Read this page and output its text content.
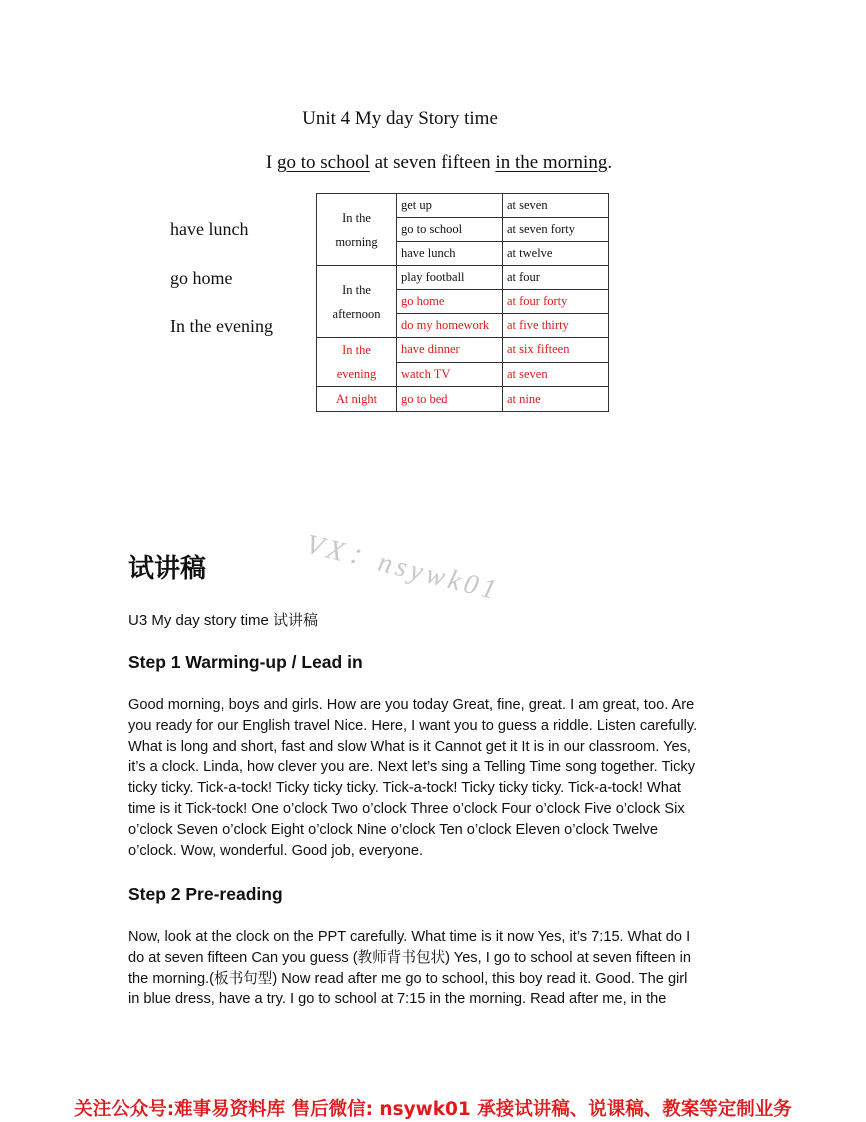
Unit 4 My day Story time
I go to school at seven fifteen in the morning.
have lunch
go home
In the evening
In the
morning	get up	at seven
	go to school	at seven forty
	have lunch	at twelve

In the
afternoon	play football	at four
	go home	at four forty
	do my homework	at five thirty

In the
evening	have dinner	at six fifteen
	watch TV	at seven
At night	go to bed	at nine
VX：nsywk01
试讲稿
U3 My day story time 试讲稿
Step 1 Warming-up / Lead in
Good morning, boys and girls. How are you today Great, fine, great. I am great, too. Are
you ready for our English travel Nice. Here, I want you to guess a riddle. Listen carefully.
What is long and short, fast and slow What is it Cannot get it It is in our classroom. Yes,
it’s a clock. Linda, how clever you are. Next let’s sing a Telling Time song together. Ticky
ticky ticky. Tick-a-tock! Ticky ticky ticky. Tick-a-tock! Ticky ticky ticky. Tick-a-tock! What
time is it Tick-tock! One o’clock Two o’clock Three o’clock Four o’clock Five o’clock Six
o’clock Seven o’clock Eight o’clock Nine o’clock Ten o’clock Eleven o’clock Twelve
o’clock. Wow, wonderful. Good job, everyone.
Step 2 Pre-reading
Now, look at the clock on the PPT carefully. What time is it now Yes, it’s 7:15. What do I
do at seven fifteen Can you guess (教师背书包状) Yes, I go to school at seven fifteen in
the morning.(板书句型) Now read after me go to school, this boy read it. Good. The girl
in blue dress, have a try. I go to school at 7:15 in the morning. Read after me, in the
关注公众号:难事易资料库 售后微信: nsywk01 承接试讲稿、说课稿、教案等定制业务
